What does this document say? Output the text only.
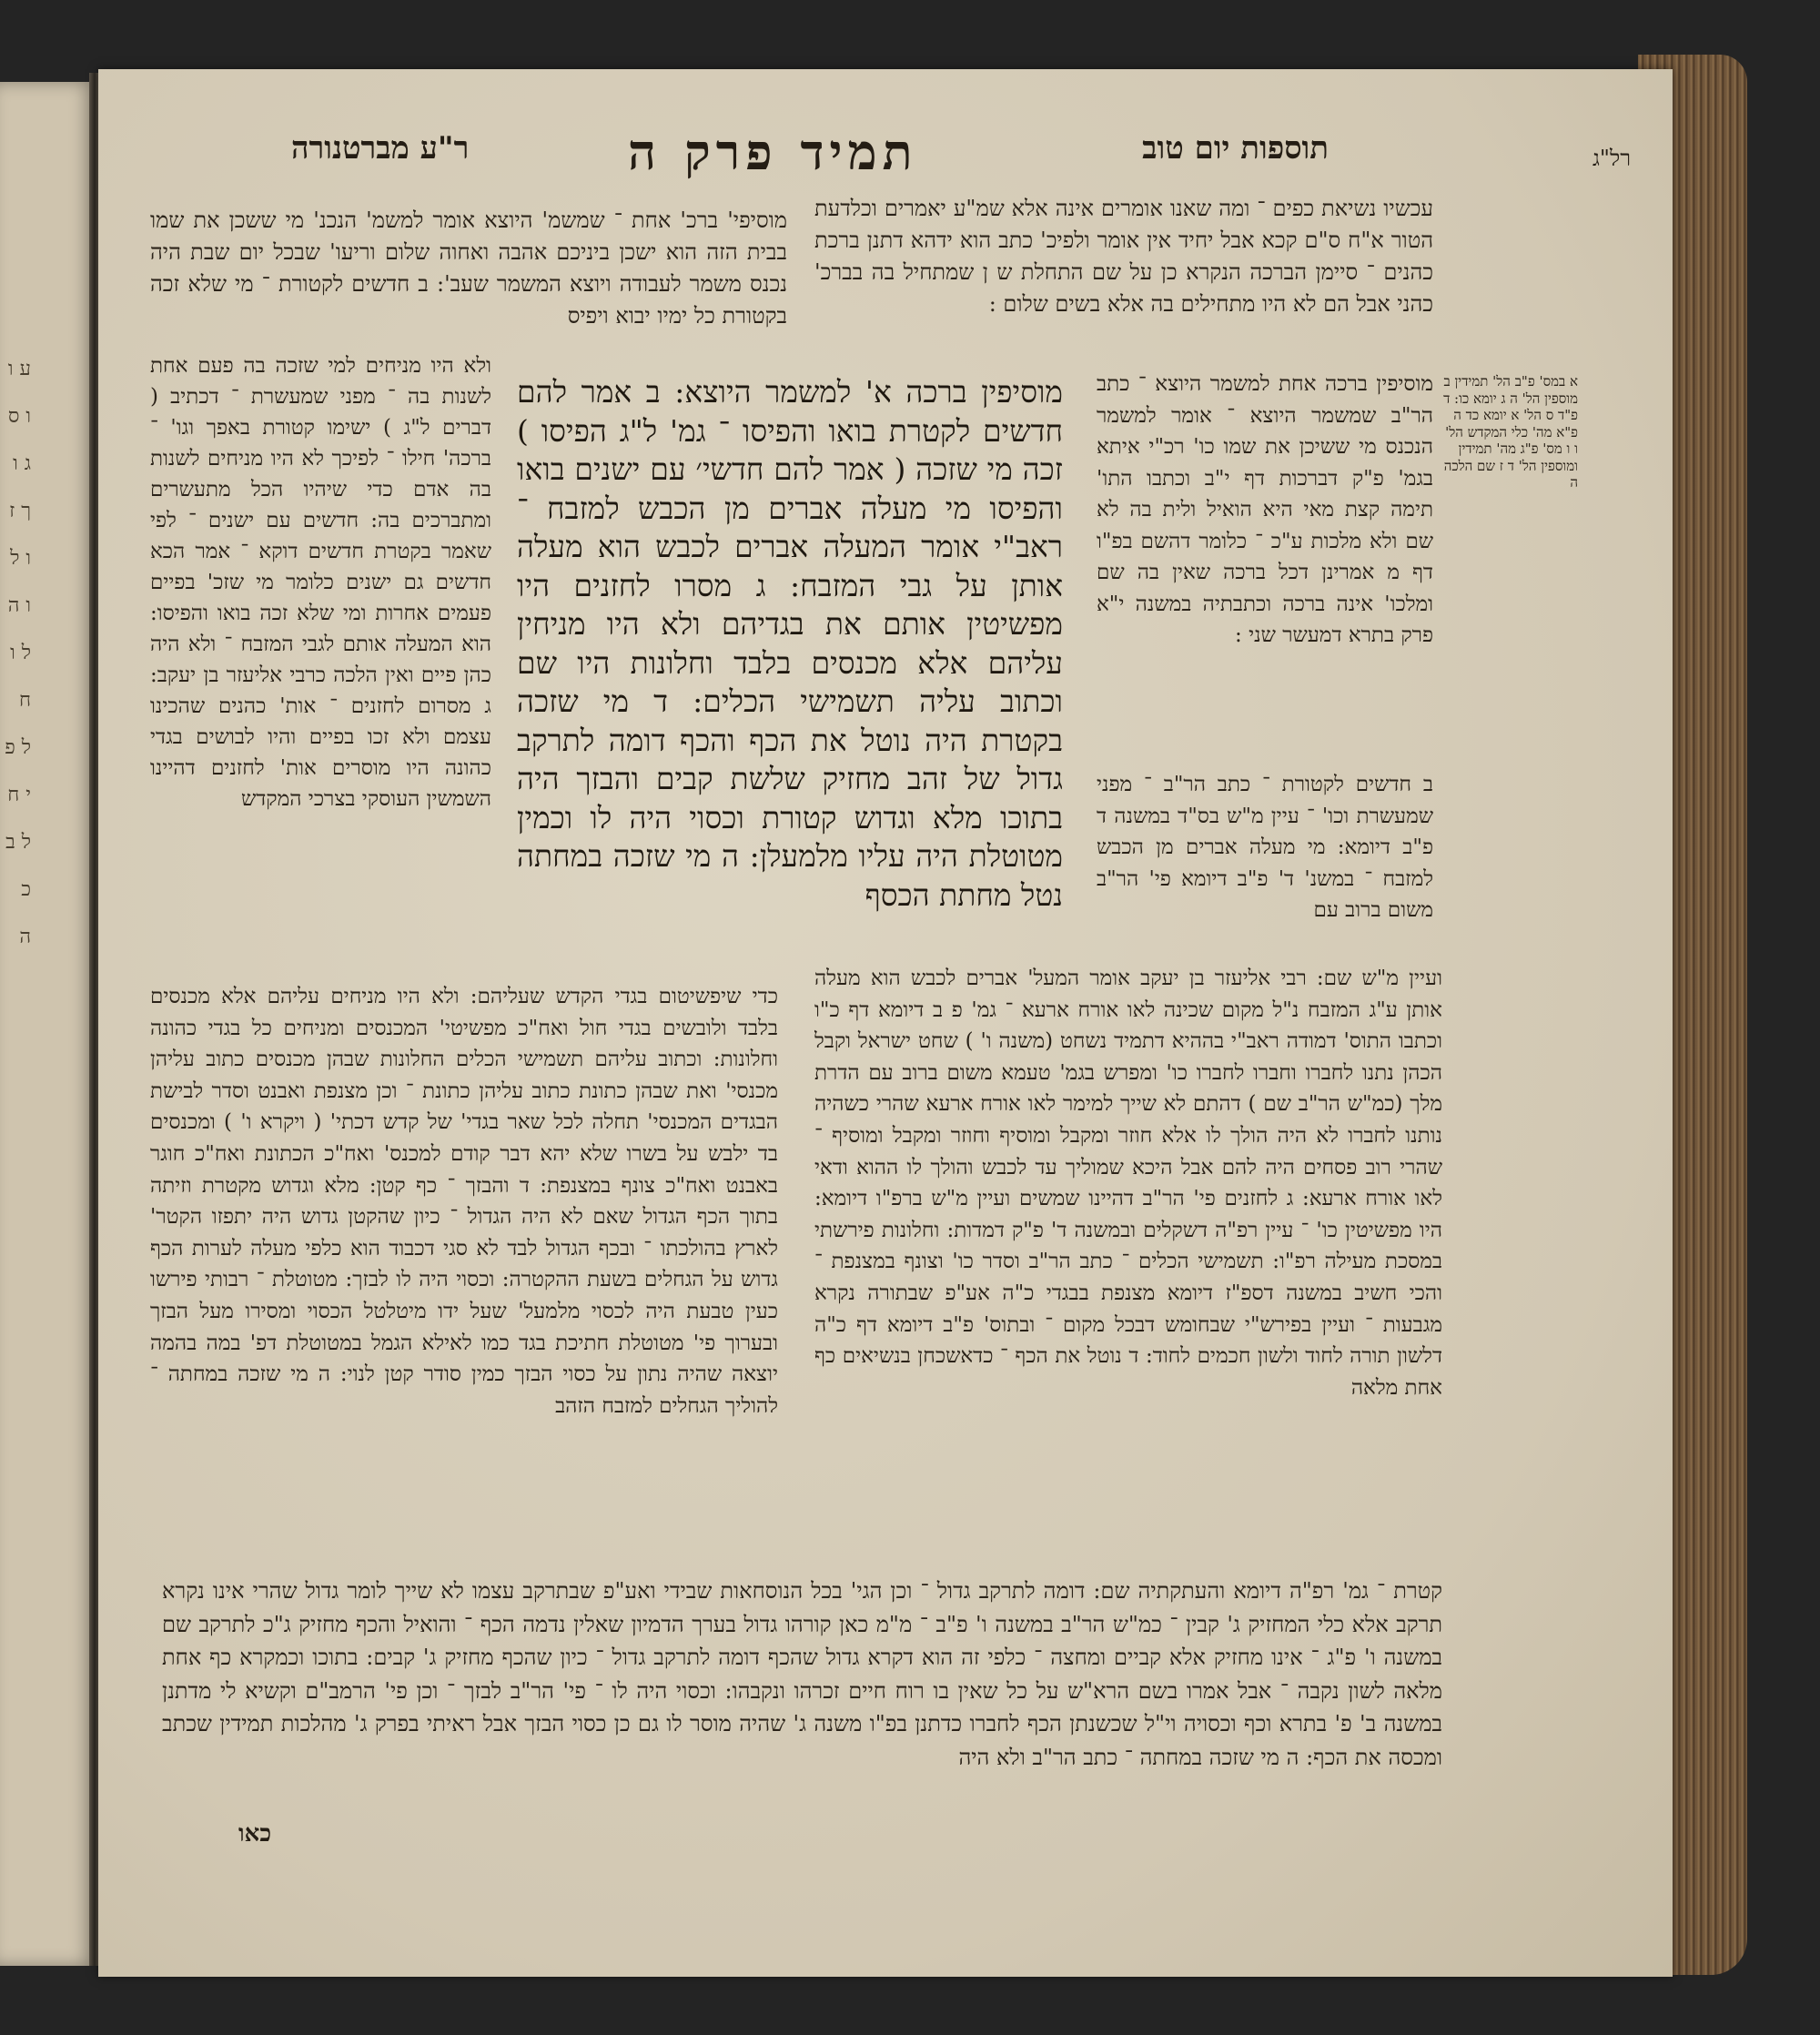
ע ו ו ס ג ו ך ז ו ל ו ה ל ו ח ל פ י ח ל ב כ ה
רל"ג
תוספות יום טוב
תמיד פרק ה
ר"ע מברטנורה
עכשיו נשיאת כפים ־ ומה שאנו אומרים אינה אלא שמ"ע יאמרים וכלדעת הטור א"ח ס"ם קכא אבל יחיד אין אומר ולפיכ' כתב הוא ידהא דתנן ברכת כהנים ־ סיימן הברכה הנקרא כן על שם התחלת ש ן שמתחיל בה בברכ' כהני אבל הם לא היו מתחילים בה אלא בשים שלום :
מוסיפי' ברכ' אחת ־ שמשמ' היוצא אומר למשמ' הנכנ' מי ששכן את שמו בבית הזה הוא ישכן ביניכם אהבה ואחוה שלום וריעו' שבכל יום שבת היה נכנס משמר לעבודה ויוצא המשמר שעב': ב חדשים לקטורת ־ מי שלא זכה בקטורת כל ימיו יבוא ויפיס
מוסיפין ברכה א' למשמר היוצא: ב אמר להם חדשים לקטרת בואו והפיסו ־ גמ' ל"ג הפיסו ) זכה מי שזכה ( אמר להם חדשי׳ עם ישנים בואו והפיסו מי מעלה אברים מן הכבש למזבח ־ ראב"י אומר המעלה אברים לכבש הוא מעלה אותן על גבי המזבח: ג מסרו לחזנים היו מפשיטין אותם את בגדיהם ולא היו מניחין עליהם אלא מכנסים בלבד וחלונות היו שם וכתוב עליה תשמישי הכלים: ד מי שזכה בקטרת היה נוטל את הכף והכף דומה לתרקב גדול של זהב מחזיק שלשת קבים והבזך היה בתוכו מלא וגדוש קטורת וכסוי היה לו וכמין מטוטלת היה עליו מלמעלן: ה מי שזכה במחתה נטל מחתת הכסף
ולא היו מניחים למי שזכה בה פעם אחת לשנות בה ־ מפני שמעשרת ־ דכתיב ( דברים ל"ג ) ישימו קטורת באפך וגו' ־ ברכה' חילו ־ לפיכך לא היו מניחים לשנות בה אדם כדי שיהיו הכל מתעשרים ומתברכים בה: חדשים עם ישנים ־ לפי שאמר בקטרת חדשים דוקא ־ אמר הכא חדשים גם ישנים כלומר מי שזכ' בפיים פעמים אחרות ומי שלא זכה בואו והפיסו: הוא המעלה אותם לגבי המזבח ־ ולא היה כהן פיים ואין הלכה כרבי אליעזר בן יעקב: ג מסרום לחזנים ־ אות' כהנים שהכינו עצמם ולא זכו בפיים והיו לבושים בגדי כהונה היו מוסרים אות' לחזנים דהיינו השמשין העוסקי בצרכי המקדש
מוסיפין ברכה אחת למשמר היוצא ־ כתב הר"ב שמשמר היוצא ־ אומר למשמר הנכנס מי ששיכן את שמו כו' רכ"י איתא בגמ' פ"ק דברכות דף י"ב וכתבו התו' תימה קצת מאי היא הואיל ולית בה לא שם ולא מלכות ע"כ ־ כלומר דהשם בפ"ו דף מ אמרינן דכל ברכה שאין בה שם ומלכו' אינה ברכה וכתבתיה במשנה י"א פרק בתרא דמעשר שני :
ב חדשים לקטורת ־ כתב הר"ב ־ מפני שמעשרת וכו' ־ עיין מ"ש בס"ד במשנה ד פ"ב דיומא: מי מעלה אברים מן הכבש למזבח ־ במשנ' ד' פ"ב דיומא פי' הר"ב משום ברוב עם
א במס' פ"ב הל' תמידין ב מוספין הל' ה ג יומא כו: ד פ"ד ס הל' א יומא כד ה פ"א מה' כלי המקדש הל' ו ו מס' פ"ג מה' תמידין ומוספין הל' ד ז שם הלכה ה
כדי שיפשיטום בגדי הקדש שעליהם: ולא היו מניחים עליהם אלא מכנסים בלבד ולובשים בגדי חול ואח"כ מפשיטי' המכנסים ומניחים כל בגדי כהונה וחלונות: וכתוב עליהם תשמישי הכלים החלונות שבהן מכנסים כתוב עליהן מכנסי' ואת שבהן כתונת כתוב עליהן כתונת ־ וכן מצנפת ואבנט וסדר לבישת הבגדים המכנסי' תחלה לכל שאר בגדי' של קדש דכתי' ( ויקרא ו' ) ומכנסים בד ילבש על בשרו שלא יהא דבר קודם למכנס' ואח"כ הכתונת ואח"כ חוגר באבנט ואח"כ צונף במצנפת: ד והבזך ־ כף קטן: מלא וגדוש מקטרת וזיתה בתוך הכף הגדול שאם לא היה הגדול ־ כיון שהקטן גדוש היה יתפזו הקטר' לארץ בהולכתו ־ ובכף הגדול לבד לא סגי דכבוד הוא כלפי מעלה לערות הכף גדוש על הגחלים בשעת ההקטרה: וכסוי היה לו לבזך: מטוטלת ־ רבותי פירשו כעין טבעת היה לכסוי מלמעל' שעל ידו מיטלטל הכסוי ומסירו מעל הבזך ובערוך פי' מטוטלת חתיכת בגד כמו לאילא הגמל במטוטלת דפ' במה בהמה יוצאה שהיה נתון על כסוי הבזך כמין סודר קטן לנוי: ה מי שזכה במחתה ־ להוליך הגחלים למזבח הזהב
ועיין מ"ש שם: רבי אליעזר בן יעקב אומר המעל' אברים לכבש הוא מעלה אותן ע"ג המזבח נ"ל מקום שכינה לאו אורח ארעא ־ גמ' פ ב דיומא דף כ"ו וכתבו התוס' דמודה ראב"י בההיא דתמיד נשחט (משנה ו' ) שחט ישראל וקבל הכהן נתנו לחברו וחברו לחברו כו' ומפרש בגמ' טעמא משום ברוב עם הדרת מלך (כמ"ש הר"ב שם ) דהתם לא שייך למימר לאו אורח ארעא שהרי כשהיה נותנו לחברו לא היה הולך לו אלא חוזר ומקבל ומוסיף וחוזר ומקבל ומוסיף ־ שהרי רוב פסחים היה להם אבל היכא שמוליך עד לכבש והולך לו ההוא ודאי לאו אורח ארעא: ג לחזנים פי' הר"ב דהיינו שמשים ועיין מ"ש ברפ"ו דיומא: היו מפשיטין כו' ־ עיין רפ"ה דשקלים ובמשנה ד' פ"ק דמדות: וחלונות פירשתי במסכת מעילה רפ"ו: תשמישי הכלים ־ כתב הר"ב וסדר כו' וצונף במצנפת ־ והכי חשיב במשנה דספ"ז דיומא מצנפת בבגדי כ"ה אע"פ שבתורה נקרא מגבעות ־ ועיין בפירש"י שבחומש דבכל מקום ־ ובתוס' פ"ב דיומא דף כ"ה דלשון תורה לחוד ולשון חכמים לחוד: ד נוטל את הכף ־ כדאשכחן בנשיאים כף אחת מלאה
קטרת ־ גמ' רפ"ה דיומא והעתקתיה שם: דומה לתרקב גדול ־ וכן הגי' בכל הנוסחאות שבידי ואע"פ שבתרקב עצמו לא שייך לומר גדול שהרי אינו נקרא תרקב אלא כלי המחזיק ג' קבין ־ כמ"ש הר"ב במשנה ו' פ"ב ־ מ"מ כאן קורהו גדול בערך הדמיון שאלין נדמה הכף ־ והואיל והכף מחזיק ג"כ לתרקב שם במשנה ו' פ"ג ־ אינו מחזיק אלא קביים ומחצה ־ כלפי זה הוא דקרא גדול שהכף דומה לתרקב גדול ־ כיון שהכף מחזיק ג' קבים: בתוכו וכמקרא כף אחת מלאה לשון נקבה ־ אבל אמרו בשם הרא"ש על כל שאין בו רוח חיים זכרהו ונקבהו: וכסוי היה לו ־ פי' הר"ב לבזך ־ וכן פי' הרמב"ם וקשיא לי מדתנן במשנה ב' פ' בתרא וכף וכסויה וי"ל שכשנתן הכף לחברו כדתנן בפ"ו משנה ג' שהיה מוסר לו גם כן כסוי הבזך אבל ראיתי בפרק ג' מהלכות תמידין שכתב ומכסה את הכף: ה מי שזכה במחתה ־ כתב הר"ב ולא היה
כאו
